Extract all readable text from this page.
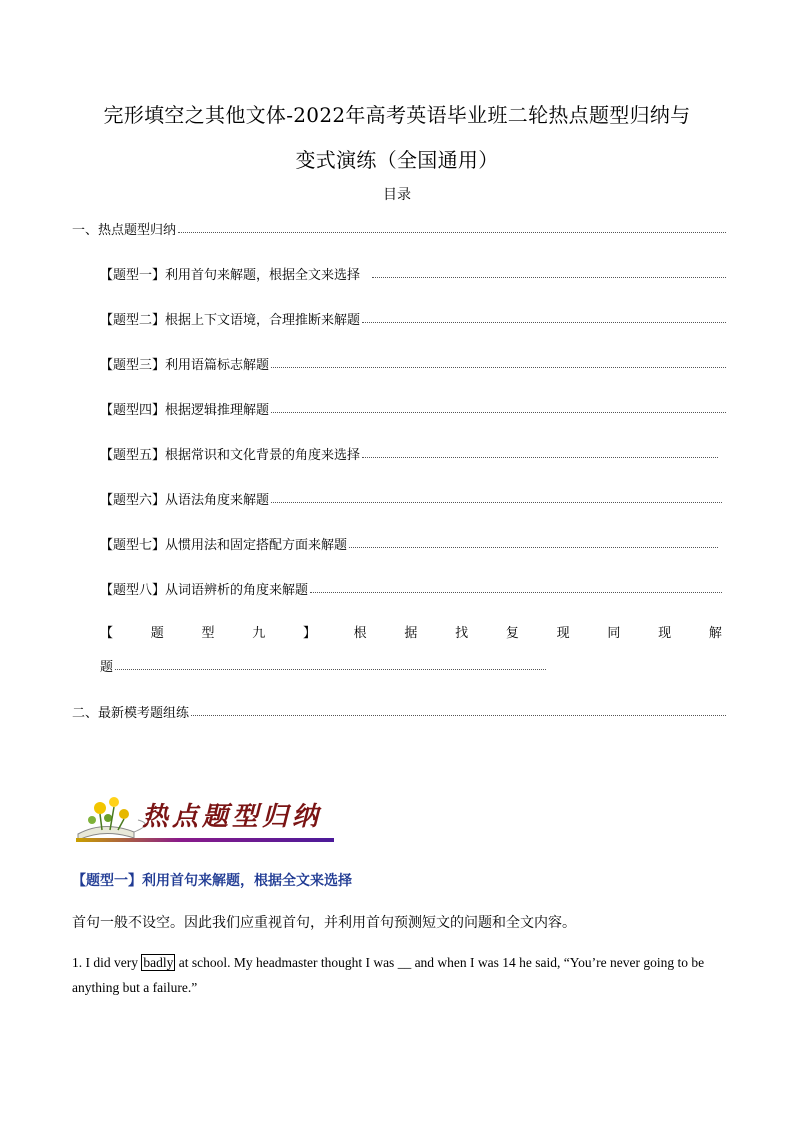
完形填空之其他文体-2022年高考英语毕业班二轮热点题型归纳与
变式演练（全国通用）
目录
一、热点题型归纳
【题型一】利用首句来解题，根据全文来选择
【题型二】根据上下文语境，合理推断来解题
【题型三】利用语篇标志解题
【题型四】根据逻辑推理解题
【题型五】根据常识和文化背景的角度来选择
【题型六】从语法角度来解题
【题型七】从惯用法和固定搭配方面来解题
【题型八】从词语辨析的角度来解题
【	题	型	九	】	根	据	找	复	现	同	现	解
题
二、最新模考题组练
热点题型归纳
【题型一】利用首句来解题，根据全文来选择
首句一般不设空。因此我们应重视首句，并利用首句预测短文的问题和全文内容。
1. I did very badly at school. My headmaster thought I was __ and when I was 14 he said, “You’re never going to be anything but a failure.”
